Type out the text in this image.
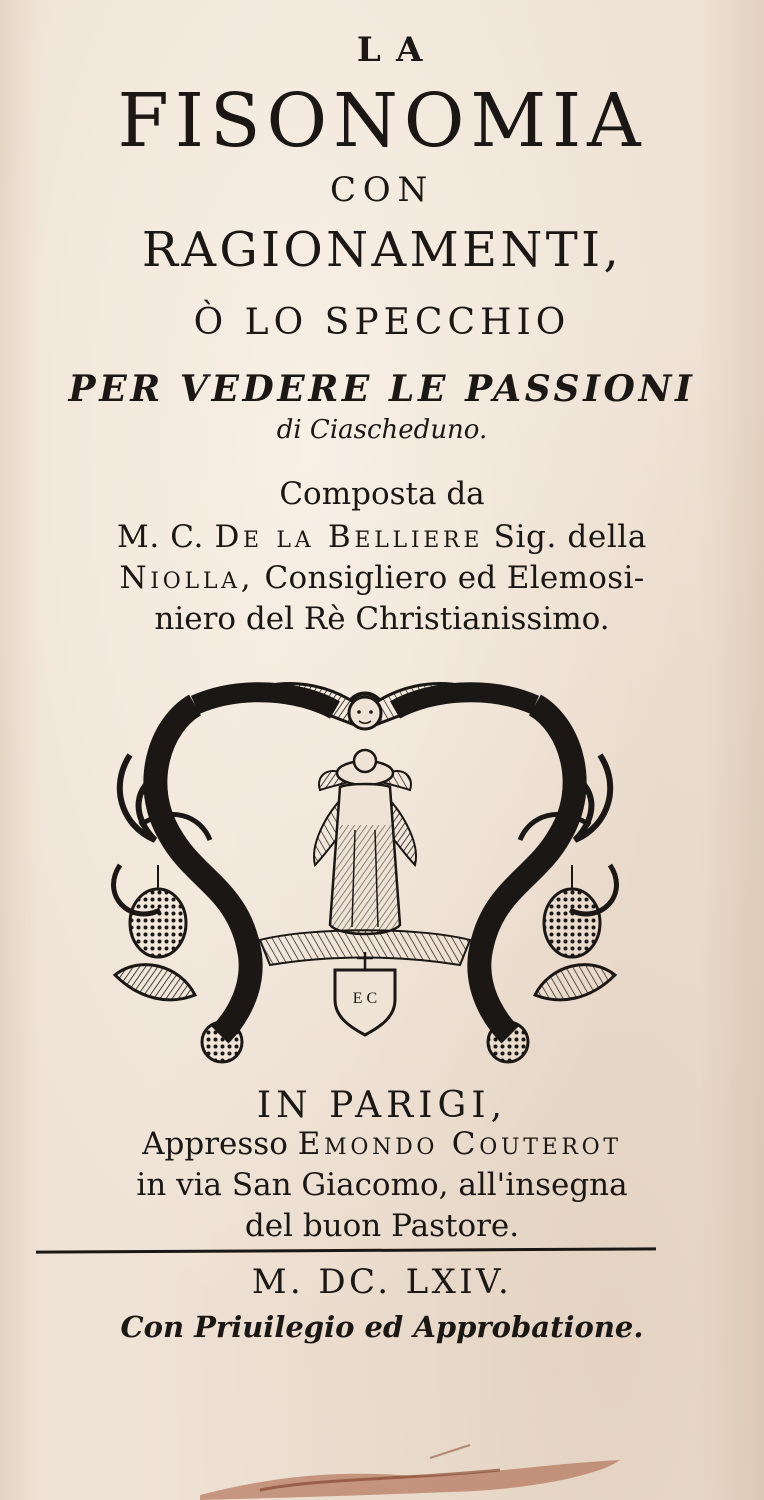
LA

FISONOMIA

CON

RAGIONAMENTI,

Ò LO SPECCHIO

PER VEDERE LE PASSIONI

di Ciascheduno.

Composta da

M. C. De la Belliere Sig. della

Niolla, Consigliero ed Elemosi-

niero del Rè Christianissimo.

E C

IN PARIGI,

Appresso Emondo Couterot

in via San Giacomo, all'insegna

del buon Pastore.

M. DC. LXIV.

Con Priuilegio ed Approbatione.
